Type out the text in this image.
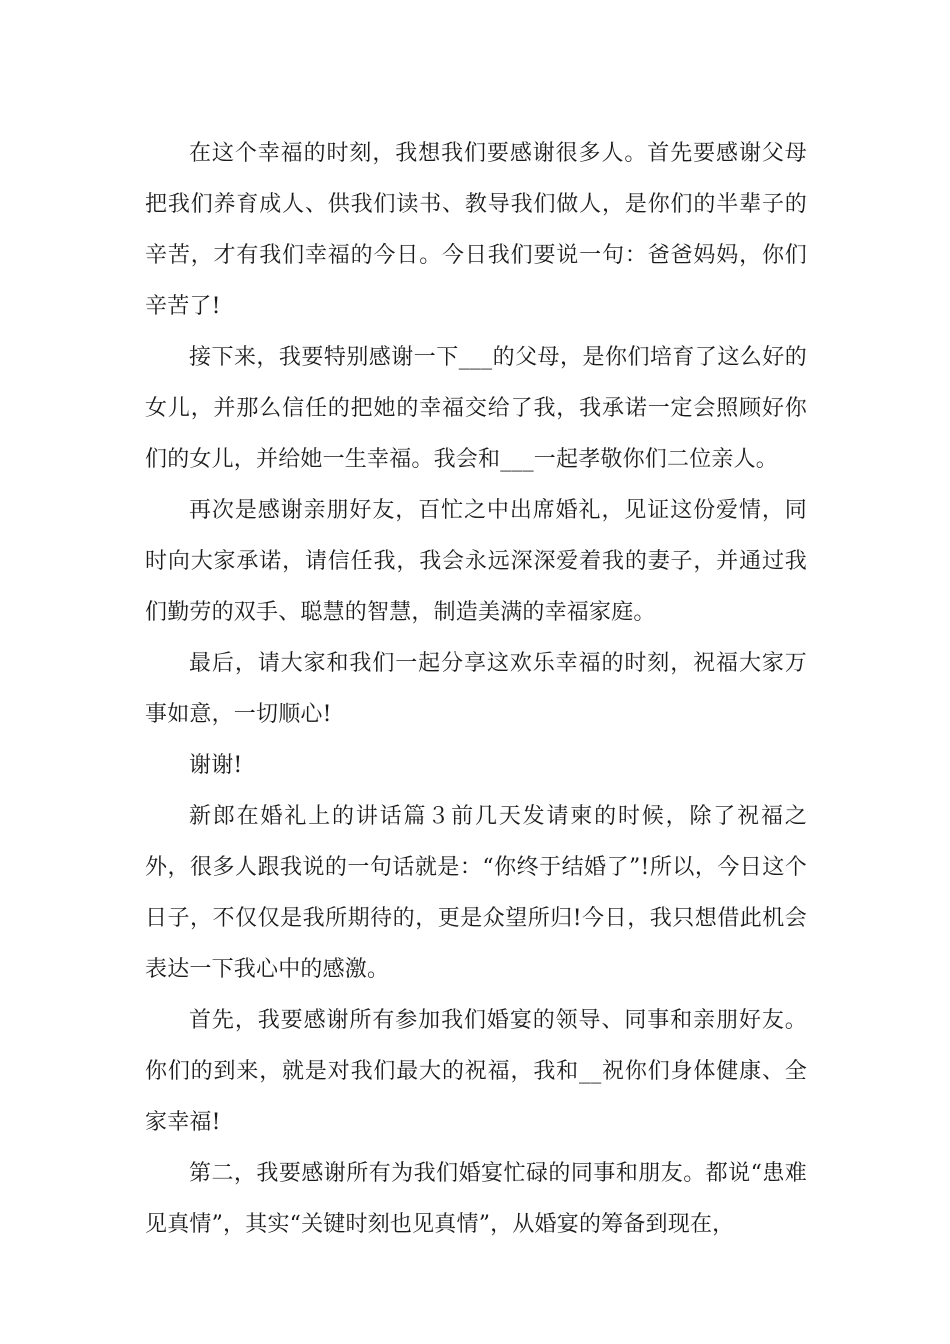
在这个幸福的时刻，我想我们要感谢很多人。首先要感谢父母把我们养育成人、供我们读书、教导我们做人，是你们的半辈子的辛苦，才有我们幸福的今日。今日我们要说一句：爸爸妈妈，你们辛苦了!

接下来，我要特别感谢一下___的父母，是你们培育了这么好的女儿，并那么信任的把她的幸福交给了我，我承诺一定会照顾好你们的女儿，并给她一生幸福。我会和___一起孝敬你们二位亲人。

再次是感谢亲朋好友，百忙之中出席婚礼，见证这份爱情，同时向大家承诺，请信任我，我会永远深深爱着我的妻子，并通过我们勤劳的双手、聪慧的智慧，制造美满的幸福家庭。

最后，请大家和我们一起分享这欢乐幸福的时刻，祝福大家万事如意，一切顺心!

谢谢!

新郎在婚礼上的讲话篇３前几天发请柬的时候，除了祝福之外，很多人跟我说的一句话就是：“你终于结婚了”!所以，今日这个日子，不仅仅是我所期待的，更是众望所归!今日，我只想借此机会表达一下我心中的感激。

首先，我要感谢所有参加我们婚宴的领导、同事和亲朋好友。你们的到来，就是对我们最大的祝福，我和__祝你们身体健康、全家幸福!

第二，我要感谢所有为我们婚宴忙碌的同事和朋友。都说“患难见真情”，其实“关键时刻也见真情”，从婚宴的筹备到现在，
